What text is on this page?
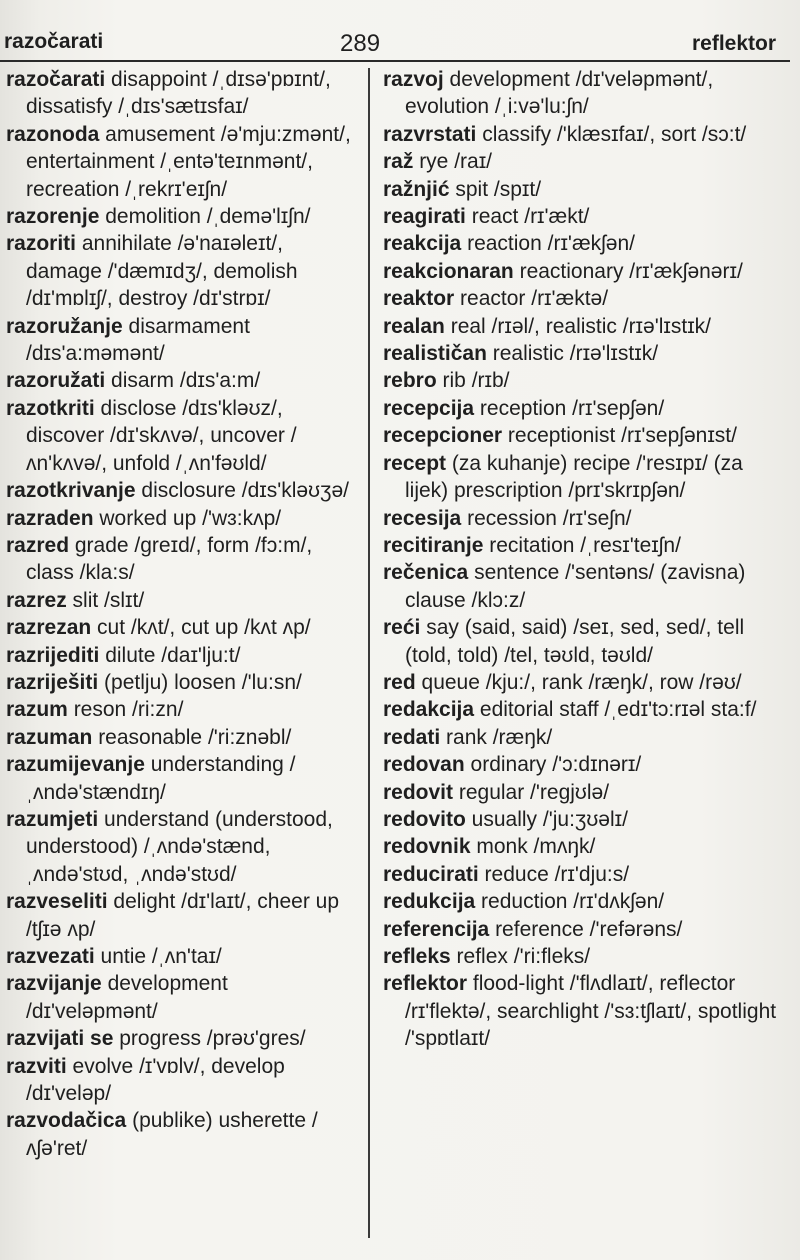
razočarati	289	reflektor

razočarati disappoint /ˌdɪsə'pɒɪnt/, dissatisfy /ˌdɪs'sætɪsfaɪ/

razonoda amusement /ə'mju:zmənt/, entertainment /ˌentə'teɪnmənt/, recreation /ˌrekrɪ'eɪʃn/

razorenje demolition /ˌdemə'lɪʃn/

razoriti annihilate /ə'naɪəleɪt/, damage /'dæmɪdʒ/, demolish /dɪ'mɒlɪʃ/, destroy /dɪ'strɒɪ/

razoružanje disarmament /dɪs'a:məmənt/

razoružati disarm /dɪs'a:m/

razotkriti disclose /dɪs'kləʊz/, discover /dɪ'skʌvə/, uncover /ʌn'kʌvə/, unfold /ˌʌn'fəʊld/

razotkrivanje disclosure /dɪs'kləʊʒə/

razraden worked up /'wɜ:kʌp/

razred grade /greɪd/, form /fɔ:m/, class /kla:s/

razrez slit /slɪt/

razrezan cut /kʌt/, cut up /kʌt ʌp/

razrijediti dilute /daɪ'lju:t/

razriješiti (petlju) loosen /'lu:sn/

razum reson /ri:zn/

razuman reasonable /'ri:znəbl/

razumijevanje understanding /ˌʌndə'stændɪŋ/

razumjeti understand (understood, understood) /ˌʌndə'stænd, ˌʌndə'stʊd, ˌʌndə'stʊd/

razveseliti delight /dɪ'laɪt/, cheer up /tʃɪə ʌp/

razvezati untie /ˌʌn'taɪ/

razvijanje development /dɪ'veləpmənt/

razvijati se progress /prəʊ'gres/

razviti evolve /ɪ'vɒlv/, develop /dɪ'veləp/

razvodačica (publike) usherette /ʌʃə'ret/

razvoj development /dɪ'veləpmənt/, evolution /ˌi:və'lu:ʃn/

razvrstati classify /'klæsɪfaɪ/, sort /sɔ:t/

raž rye /raɪ/

ražnjić spit /spɪt/

reagirati react /rɪ'ækt/

reakcija reaction /rɪ'ækʃən/

reakcionaran reactionary /rɪ'ækʃənərɪ/

reaktor reactor /rɪ'æktə/

realan real /rɪəl/, realistic /rɪə'lɪstɪk/

realističan realistic /rɪə'lɪstɪk/

rebro rib /rɪb/

recepcija reception /rɪ'sepʃən/

recepcioner receptionist /rɪ'sepʃənɪst/

recept (za kuhanje) recipe /'resɪpɪ/ (za lijek) prescription /prɪ'skrɪpʃən/

recesija recession /rɪ'seʃn/

recitiranje recitation /ˌresɪ'teɪʃn/

rečenica sentence /'sentəns/ (zavisna) clause /klɔ:z/

reći say (said, said) /seɪ, sed, sed/, tell (told, told) /tel, təʊld, təʊld/

red queue /kju:/, rank /ræŋk/, row /rəʊ/

redakcija editorial staff /ˌedɪ'tɔ:rɪəl sta:f/

redati rank /ræŋk/

redovan ordinary /'ɔ:dɪnərɪ/

redovit regular /'regjʊlə/

redovito usually /'ju:ʒʊəlɪ/

redovnik monk /mʌŋk/

reducirati reduce /rɪ'dju:s/

redukcija reduction /rɪ'dʌkʃən/

referencija reference /'refərəns/

refleks reflex /'ri:fleks/

reflektor flood-light /'flʌdlaɪt/, reflector /rɪ'flektə/, searchlight /'sɜ:tʃlaɪt/, spotlight /'spɒtlaɪt/
